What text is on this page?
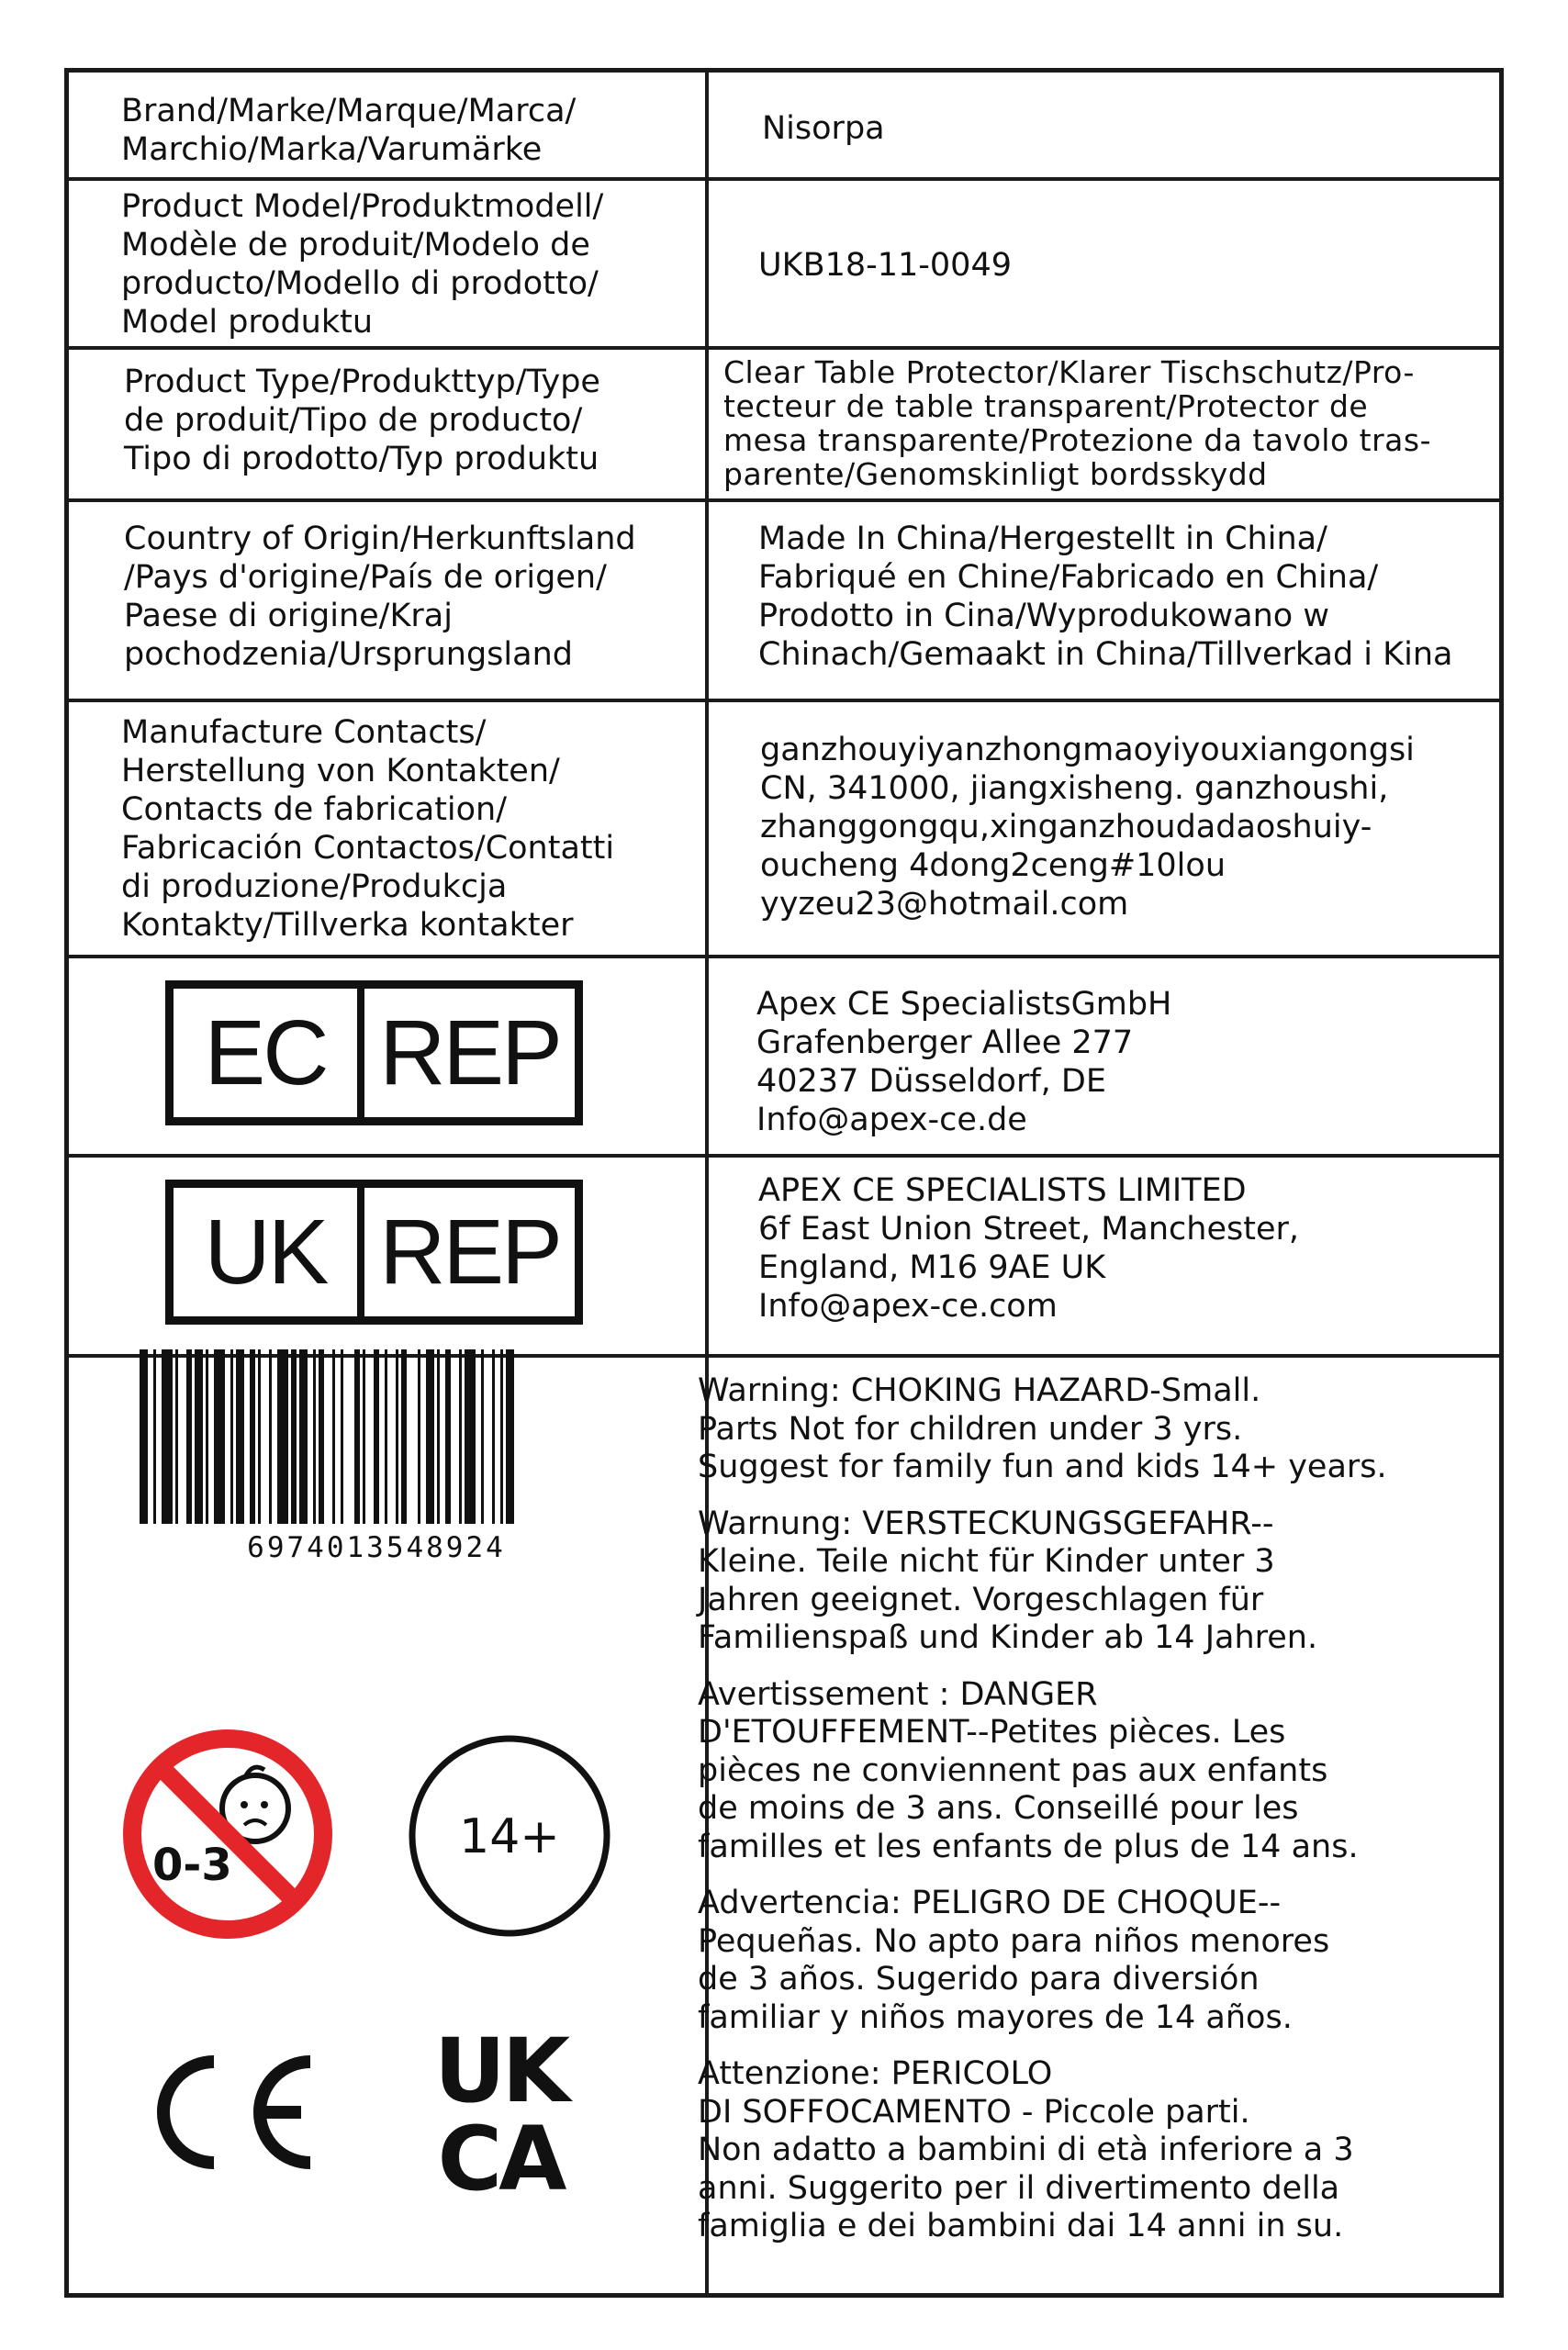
Brand/Marke/Marque/Marca/
Marchio/Marka/Varumärke
Nisorpa
Product Model/Produktmodell/
Modèle de produit/Modelo de
producto/Modello di prodotto/
Model produktu
UKB18-11-0049
Product Type/Produkttyp/Type
de produit/Tipo de producto/
Tipo di prodotto/Typ produktu
Clear Table Protector/Klarer Tischschutz/Pro-
tecteur de table transparent/Protector de
mesa transparente/Protezione da tavolo tras-
parente/Genomskinligt bordsskydd
Country of Origin/Herkunftsland
/Pays d'origine/País de origen/
Paese di origine/Kraj
pochodzenia/Ursprungsland
Made In China/Hergestellt in China/
Fabriqué en Chine/Fabricado en China/
Prodotto in Cina/Wyprodukowano w
Chinach/Gemaakt in China/Tillverkad i Kina
Manufacture Contacts/
Herstellung von Kontakten/
Contacts de fabrication/
Fabricación Contactos/Contatti
di produzione/Produkcja
Kontakty/Tillverka kontakter
ganzhouyiyanzhongmaoyiyouxiangongsi
CN, 341000, jiangxisheng. ganzhoushi,
zhanggongqu,xinganzhoudadaoshuiy-
oucheng 4dong2ceng#10lou
yyzeu23@hotmail.com
EC REP	Apex CE SpecialistsGmbH
Grafenberger Allee 277
40237 Düsseldorf, DE
Info@apex-ce.de
UK REP
APEX CE SPECIALISTS LIMITED
6f East Union Street, Manchester,
England, M16 9AE UK
Info@apex-ce.com
6974013548924
0-3
14+
UK
CA

Warning: CHOKING HAZARD-Small.
Parts Not for children under 3 yrs.
Suggest for family fun and kids 14+ years.

Warnung: VERSTECKUNGSGEFAHR--
Kleine. Teile nicht für Kinder unter 3
Jahren geeignet. Vorgeschlagen für
Familienspaß und Kinder ab 14 Jahren.

Avertissement : DANGER
D'ETOUFFEMENT--Petites pièces. Les
pièces ne conviennent pas aux enfants
de moins de 3 ans. Conseillé pour les
familles et les enfants de plus de 14 ans.

Advertencia: PELIGRO DE CHOQUE--
Pequeñas. No apto para niños menores
de 3 años. Sugerido para diversión
familiar y niños mayores de 14 años.

Attenzione: PERICOLO
DI SOFFOCAMENTO - Piccole parti.
Non adatto a bambini di età inferiore a 3
anni. Suggerito per il divertimento della
famiglia e dei bambini dai 14 anni in su.
